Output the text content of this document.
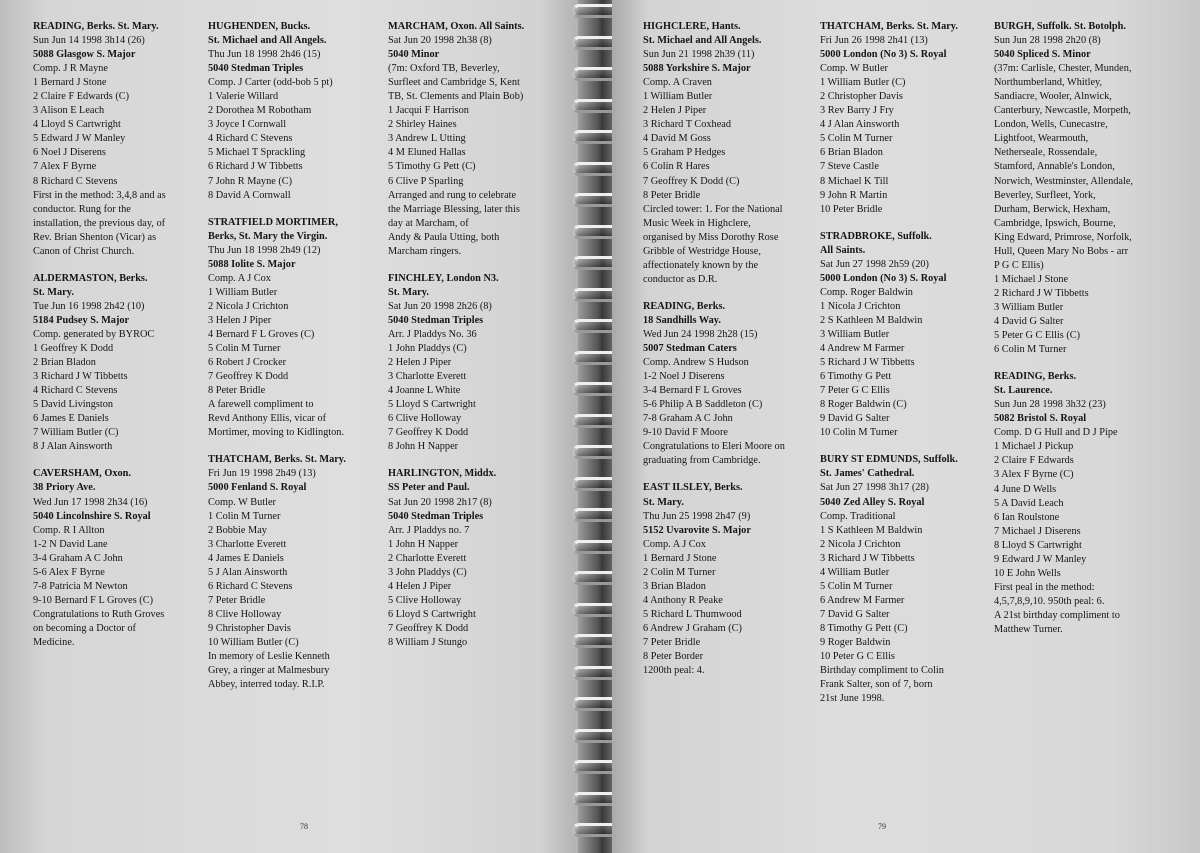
READING, Berks. St. Mary.
Sun Jun 14 1998 3h14 (26)
5088 Glasgow S. Major
Comp. J R Mayne
1 Bernard J Stone
2 Claire F Edwards (C)
3 Alison E Leach
4 Lloyd S Cartwright
5 Edward J W Manley
6 Noel J Diserens
7 Alex F Byrne
8 Richard C Stevens
First in the method: 3,4,8 and as
conductor. Rung for the
installation, the previous day, of
Rev. Brian Shenton (Vicar) as
Canon of Christ Church.
ALDERMASTON, Berks.
St. Mary.
Tue Jun 16 1998 2h42 (10)
5184 Pudsey S. Major
Comp. generated by BYROC
1 Geoffrey K Dodd
2 Brian Bladon
3 Richard J W Tibbetts
4 Richard C Stevens
5 David Livingston
6 James E Daniels
7 William Butler (C)
8 J Alan Ainsworth
CAVERSHAM, Oxon.
38 Priory Ave.
Wed Jun 17 1998 2h34 (16)
5040 Lincolnshire S. Royal
Comp. R I Allton
1-2 N David Lane
3-4 Graham A C John
5-6 Alex F Byrne
7-8 Patricia M Newton
9-10 Bernard F L Groves (C)
Congratulations to Ruth Groves
on becoming a Doctor of
Medicine.
HUGHENDEN, Bucks.
St. Michael and All Angels.
Thu Jun 18 1998 2h46 (15)
5040 Stedman Triples
Comp. J Carter (odd-bob 5 pt)
1 Valerie Willard
2 Dorothea M Robotham
3 Joyce I Cornwall
4 Richard C Stevens
5 Michael T Sprackling
6 Richard J W Tibbetts
7 John R Mayne (C)
8 David A Cornwall
STRATFIELD MORTIMER,
Berks, St. Mary the Virgin.
Thu Jun 18 1998 2h49 (12)
5088 Iolite S. Major
Comp. A J Cox
1 William Butler
2 Nicola J Crichton
3 Helen J Piper
4 Bernard F L Groves (C)
5 Colin M Turner
6 Robert J Crocker
7 Geoffrey K Dodd
8 Peter Bridle
A farewell compliment to
Revd Anthony Ellis, vicar of
Mortimer, moving to Kidlington.
THATCHAM, Berks. St. Mary.
Fri Jun 19 1998 2h49 (13)
5000 Fenland S. Royal
Comp. W Butler
1 Colin M Turner
2 Bobbie May
3 Charlotte Everett
4 James E Daniels
5 J Alan Ainsworth
6 Richard C Stevens
7 Peter Bridle
8 Clive Holloway
9 Christopher Davis
10 William Butler (C)
In memory of Leslie Kenneth
Grey, a ringer at Malmesbury
Abbey, interred today. R.I.P.
MARCHAM, Oxon. All Saints.
Sat Jun 20 1998 2h38 (8)
5040 Minor
(7m: Oxford TB, Beverley,
Surfleet and Cambridge S, Kent
TB, St. Clements and Plain Bob)
1 Jacqui F Harrison
2 Shirley Haines
3 Andrew L Utting
4 M Eluned Hallas
5 Timothy G Pett (C)
6 Clive P Sparling
Arranged and rung to celebrate
the Marriage Blessing, later this
day at Marcham, of
Andy & Paula Utting, both
Marcham ringers.
FINCHLEY, London N3.
St. Mary.
Sat Jun 20 1998 2h26 (8)
5040 Stedman Triples
Arr. J Pladdys No. 36
1 John Pladdys (C)
2 Helen J Piper
3 Charlotte Everett
4 Joanne L White
5 Lloyd S Cartwright
6 Clive Holloway
7 Geoffrey K Dodd
8 John H Napper
HARLINGTON, Middx.
SS Peter and Paul.
Sat Jun 20 1998 2h17 (8)
5040 Stedman Triples
Arr. J Pladdys no. 7
1 John H Napper
2 Charlotte Everett
3 John Pladdys (C)
4 Helen J Piper
5 Clive Holloway
6 Lloyd S Cartwright
7 Geoffrey K Dodd
8 William J Stungo
78
HIGHCLERE, Hants.
St. Michael and All Angels.
Sun Jun 21 1998 2h39 (11)
5088 Yorkshire S. Major
Comp. A Craven
1 William Butler
2 Helen J Piper
3 Richard T Coxhead
4 David M Goss
5 Graham P Hedges
6 Colin R Hares
7 Geoffrey K Dodd (C)
8 Peter Bridle
Circled tower: 1. For the National
Music Week in Highclere,
organised by Miss Dorothy Rose
Gribble of Westridge House,
affectionately known by the
conductor as D.R.
READING, Berks.
18 Sandhills Way.
Wed Jun 24 1998 2h28 (15)
5007 Stedman Caters
Comp. Andrew S Hudson
1-2 Noel J Diserens
3-4 Bernard F L Groves
5-6 Philip A B Saddleton (C)
7-8 Graham A C John
9-10 David F Moore
Congratulations to Eleri Moore on
graduating from Cambridge.
EAST ILSLEY, Berks.
St. Mary.
Thu Jun 25 1998 2h47 (9)
5152 Uvarovite S. Major
Comp. A J Cox
1 Bernard J Stone
2 Colin M Turner
3 Brian Bladon
4 Anthony R Peake
5 Richard L Thumwood
6 Andrew J Graham (C)
7 Peter Bridle
8 Peter Border
1200th peal: 4.
THATCHAM, Berks. St. Mary.
Fri Jun 26 1998 2h41 (13)
5000 London (No 3) S. Royal
Comp. W Butler
1 William Butler (C)
2 Christopher Davis
3 Rev Barry J Fry
4 J Alan Ainsworth
5 Colin M Turner
6 Brian Bladon
7 Steve Castle
8 Michael K Till
9 John R Martin
10 Peter Bridle
STRADBROKE, Suffolk.
All Saints.
Sat Jun 27 1998 2h59 (20)
5000 London (No 3) S. Royal
Comp. Roger Baldwin
1 Nicola J Crichton
2 S Kathleen M Baldwin
3 William Butler
4 Andrew M Farmer
5 Richard J W Tibbetts
6 Timothy G Pett
7 Peter G C Ellis
8 Roger Baldwin (C)
9 David G Salter
10 Colin M Turner
BURY ST EDMUNDS, Suffolk.
St. James' Cathedral.
Sat Jun 27 1998 3h17 (28)
5040 Zed Alley S. Royal
Comp. Traditional
1 S Kathleen M Baldwin
2 Nicola J Crichton
3 Richard J W Tibbetts
4 William Butler
5 Colin M Turner
6 Andrew M Farmer
7 David G Salter
8 Timothy G Pett (C)
9 Roger Baldwin
10 Peter G C Ellis
Birthday compliment to Colin
Frank Salter, son of 7, born
21st June 1998.
BURGH, Suffolk. St. Botolph.
Sun Jun 28 1998 2h20 (8)
5040 Spliced S. Minor
(37m: Carlisle, Chester, Munden,
Northumberland, Whitley,
Sandiacre, Wooler, Alnwick,
Canterbury, Newcastle, Morpeth,
London, Wells, Cunecastre,
Lightfoot, Wearmouth,
Netherseale, Rossendale,
Stamford, Annable's London,
Norwich, Westminster, Allendale,
Beverley, Surfleet, York,
Durham, Berwick, Hexham,
Cambridge, Ipswich, Bourne,
King Edward, Primrose, Norfolk,
Hull, Queen Mary No Bobs - arr
P G C Ellis)
1 Michael J Stone
2 Richard J W Tibbetts
3 William Butler
4 David G Salter
5 Peter G C Ellis (C)
6 Colin M Turner
READING, Berks.
St. Laurence.
Sun Jun 28 1998 3h32 (23)
5082 Bristol S. Royal
Comp. D G Hull and D J Pipe
1 Michael J Pickup
2 Claire F Edwards
3 Alex F Byrne (C)
4 June D Wells
5 A David Leach
6 Ian Roulstone
7 Michael J Diserens
8 Lloyd S Cartwright
9 Edward J W Manley
10 E John Wells
First peal in the method:
4,5,7,8,9,10. 950th peal: 6.
A 21st birthday compliment to
Matthew Turner.
79
